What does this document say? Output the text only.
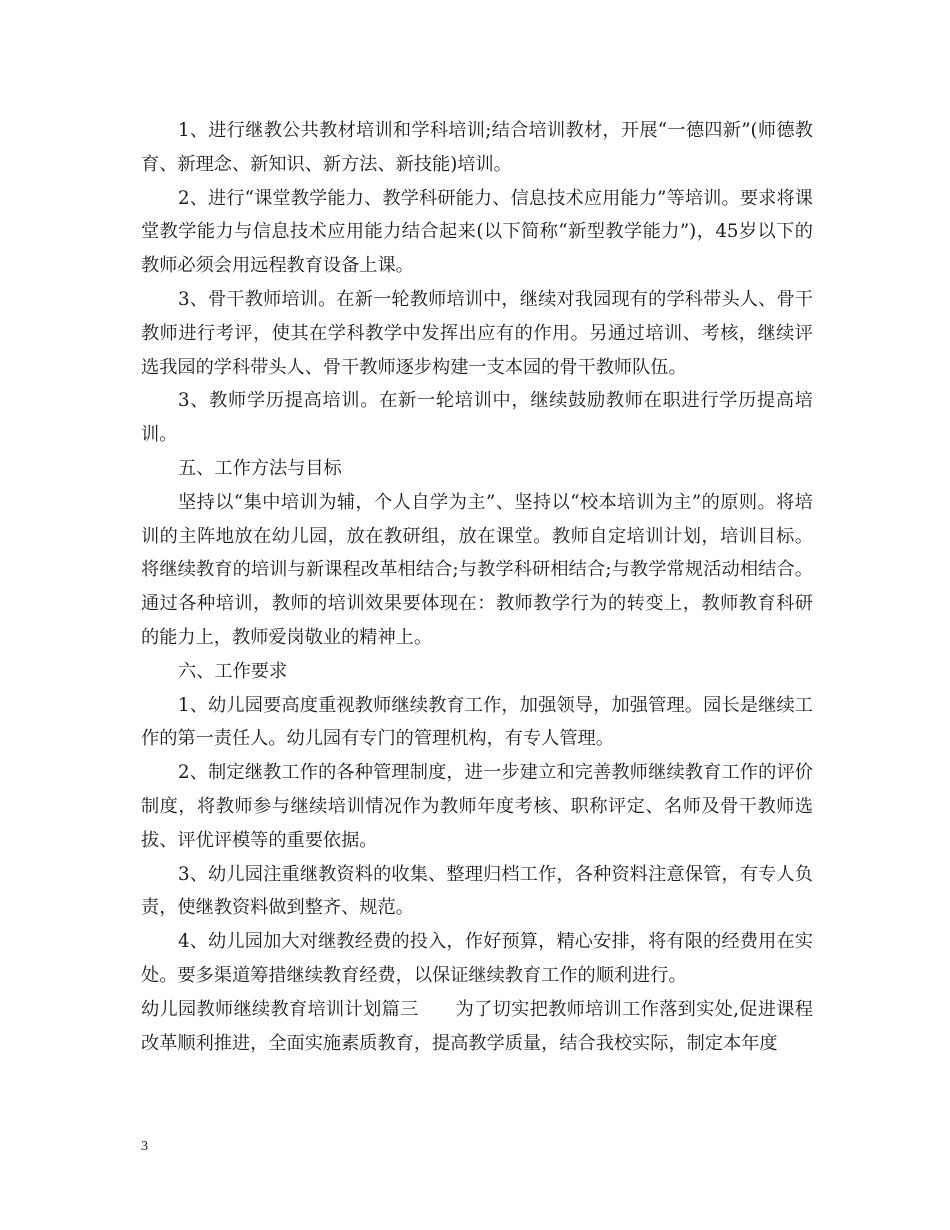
1、进行继教公共教材培训和学科培训;结合培训教材，开展“一德四新”(师德教育、新理念、新知识、新方法、新技能)培训。

2、进行“课堂教学能力、教学科研能力、信息技术应用能力”等培训。要求将课堂教学能力与信息技术应用能力结合起来(以下简称“新型教学能力”)，45岁以下的教师必须会用远程教育设备上课。

3、骨干教师培训。在新一轮教师培训中，继续对我园现有的学科带头人、骨干教师进行考评，使其在学科教学中发挥出应有的作用。另通过培训、考核，继续评选我园的学科带头人、骨干教师逐步构建一支本园的骨干教师队伍。

3、教师学历提高培训。在新一轮培训中，继续鼓励教师在职进行学历提高培训。

五、工作方法与目标

坚持以“集中培训为辅，个人自学为主”、坚持以“校本培训为主”的原则。将培训的主阵地放在幼儿园，放在教研组，放在课堂。教师自定培训计划，培训目标。将继续教育的培训与新课程改革相结合;与教学科研相结合;与教学常规活动相结合。通过各种培训，教师的培训效果要体现在：教师教学行为的转变上，教师教育科研的能力上，教师爱岗敬业的精神上。

六、工作要求

1、幼儿园要高度重视教师继续教育工作，加强领导，加强管理。园长是继续工作的第一责任人。幼儿园有专门的管理机构，有专人管理。

2、制定继教工作的各种管理制度，进一步建立和完善教师继续教育工作的评价制度，将教师参与继续培训情况作为教师年度考核、职称评定、名师及骨干教师选拔、评优评模等的重要依据。

3、幼儿园注重继教资料的收集、整理归档工作，各种资料注意保管，有专人负责，使继教资料做到整齐、规范。

4、幼儿园加大对继教经费的投入，作好预算，精心安排，将有限的经费用在实处。要多渠道筹措继续教育经费，以保证继续教育工作的顺利进行。

幼儿园教师继续教育培训计划篇三　　为了切实把教师培训工作落到实处,促进课程改革顺利推进，全面实施素质教育，提高教学质量，结合我校实际，制定本年度

3
